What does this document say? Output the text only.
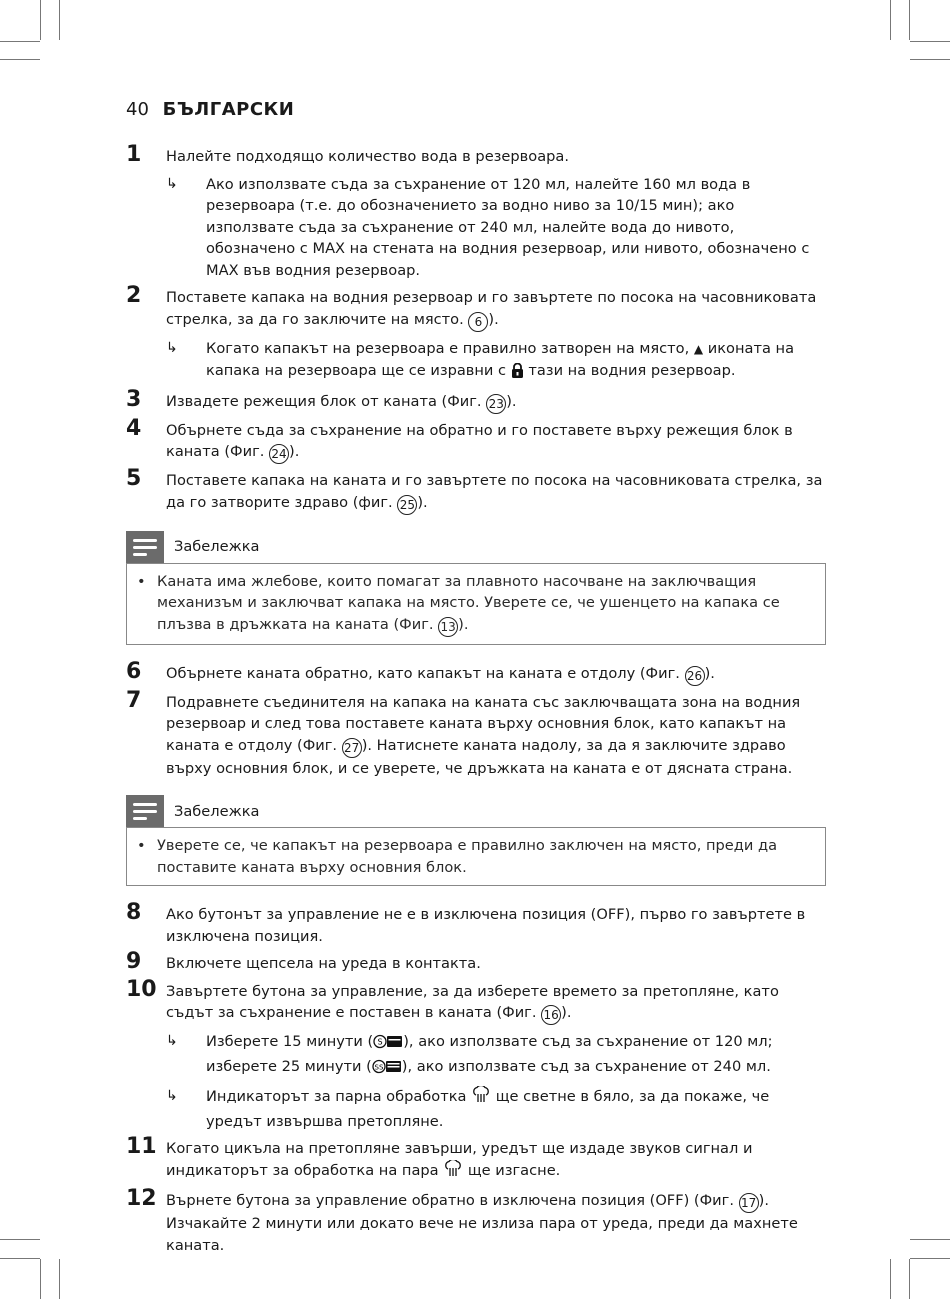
40 БЪЛГАРСКИ
1 Налейте подходящо количество вода в резервоара.
↳ Ако използвате съда за съхранение от 120 мл, налейте 160 мл вода в резервоара (т.е. до обозначението за водно ниво за 10/15 мин); ако използвате съда за съхранение от 240 мл, налейте вода до нивото, обозначено с MAX на стената на водния резервоар, или нивото, обозначено с MAX във водния резервоар.
2 Поставете капака на водния резервоар и го завъртете по посока на часовниковата стрелка, за да го заключите на място. 6 ).
↳ Когато капакът на резервоара е правилно затворен на място, ▲ иконата на капака на резервоара ще се изравни с тази на водния резервоар.
3 Извадете режещия блок от каната (Фиг. 23 ).
4 Обърнете съда за съхранение на обратно и го поставете върху режещия блок в каната (Фиг. 24 ).
5 Поставете капака на каната и го завъртете по посока на часовниковата стрелка, за да го затворите здраво (фиг. 25 ).
Забележка
• Каната има жлебове, които помагат за плавното насочване на заключващия механизъм и заключват капака на място. Уверете се, че ушенцето на капака се плъзва в дръжката на каната (Фиг. 13 ).
6 Обърнете каната обратно, като капакът на каната е отдолу (Фиг. 26 ).
7 Подравнете съединителя на капака на каната със заключващата зона на водния резервоар и след това поставете каната върху основния блок, като капакът на каната е отдолу (Фиг. 27 ). Натиснете каната надолу, за да я заключите здраво върху основния блок, и се уверете, че дръжката на каната е от дясната страна.
Забележка
• Уверете се, че капакът на резервоара е правилно заключен на място, преди да поставите каната върху основния блок.
8 Ако бутонът за управление не е в изключена позиция (OFF), първо го завъртете в изключена позиция.
9 Включете щепсела на уреда в контакта.
10 Завъртете бутона за управление, за да изберете времето за претопляне, като съдът за съхранение е поставен в каната (Фиг. 16 ).
↳ Изберете 15 минути ( S ), ако използвате съд за съхранение от 120 мл; изберете 25 минути ( SS ), ако използвате съд за съхранение от 240 мл.
↳ Индикаторът за парна обработка ще светне в бяло, за да покаже, че уредът извършва претопляне.
11 Когато цикъла на претопляне завърши, уредът ще издаде звуков сигнал и индикаторът за обработка на пара ще изгасне.
12 Върнете бутона за управление обратно в изключена позиция (OFF) (Фиг. 17 ). Изчакайте 2 минути или докато вече не излиза пара от уреда, преди да махнете каната.
